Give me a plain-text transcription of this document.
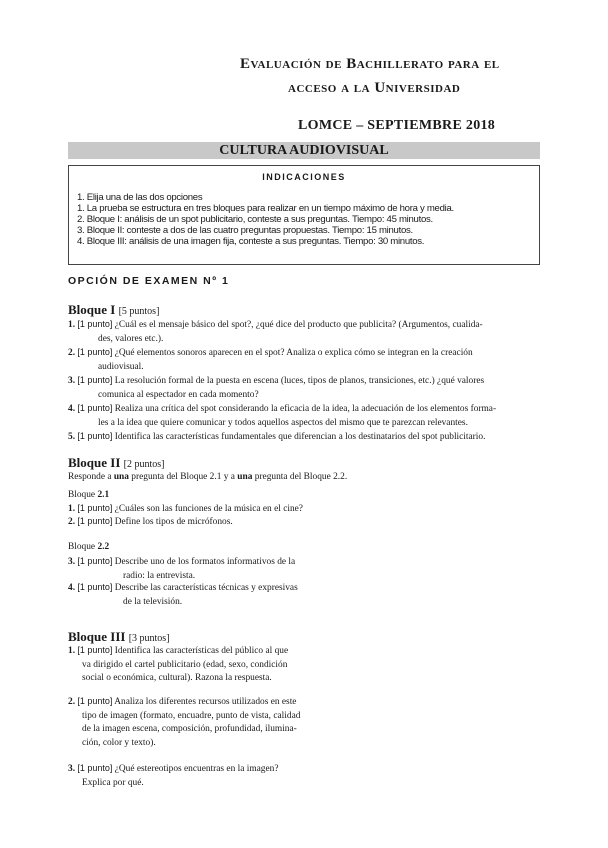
Evaluación de Bachillerato para el
acceso a la Universidad
LOMCE – SEPTIEMBRE 2018
CULTURA AUDIOVISUAL
INDICACIONES
1. Elija una de las dos opciones
1. La prueba se estructura en tres bloques para realizar en un tiempo máximo de hora y media.
2. Bloque I: análisis de un spot publicitario, conteste a sus preguntas. Tiempo: 45 minutos.
3. Bloque II: conteste a dos de las cuatro preguntas propuestas. Tiempo: 15 minutos.
4. Bloque III: análisis de una imagen fija, conteste a sus preguntas. Tiempo: 30 minutos.
OPCIÓN DE EXAMEN Nº 1
Bloque I [5 puntos]
1. [1 punto] ¿Cuál es el mensaje básico del spot?, ¿qué dice del producto que publicita? (Argumentos, cualida-
des, valores etc.).
2. [1 punto] ¿Qué elementos sonoros aparecen en el spot? Analiza o explica cómo se integran en la creación
audiovisual.
3. [1 punto] La resolución formal de la puesta en escena (luces, tipos de planos, transiciones, etc.) ¿qué valores
comunica al espectador en cada momento?
4. [1 punto] Realiza una crítica del spot considerando la eficacia de la idea, la adecuación de los elementos forma-
les a la idea que quiere comunicar y todos aquellos aspectos del mismo que te parezcan relevantes.
5. [1 punto] Identifica las características fundamentales que diferencian a los destinatarios del spot publicitario.
Bloque II [2 puntos]
Responde a una pregunta del Bloque 2.1 y a una pregunta del Bloque 2.2.
Bloque 2.1
1. [1 punto] ¿Cuáles son las funciones de la música en el cine?
2. [1 punto] Define los tipos de micrófonos.
Bloque 2.2
3. [1 punto] Describe uno de los formatos informativos de la
radio: la entrevista.
4. [1 punto] Describe las características técnicas y expresivas
de la televisión.
Bloque III [3 puntos]
1. [1 punto] Identifica las características del público al que
va dirigido el cartel publicitario (edad, sexo, condición
social o económica, cultural). Razona la respuesta.
2. [1 punto] Analiza los diferentes recursos utilizados en este
tipo de imagen (formato, encuadre, punto de vista, calidad
de la imagen escena, composición, profundidad, ilumina-
ción, color y texto).
3. [1 punto] ¿Qué estereotipos encuentras en la imagen?
Explica por qué.
